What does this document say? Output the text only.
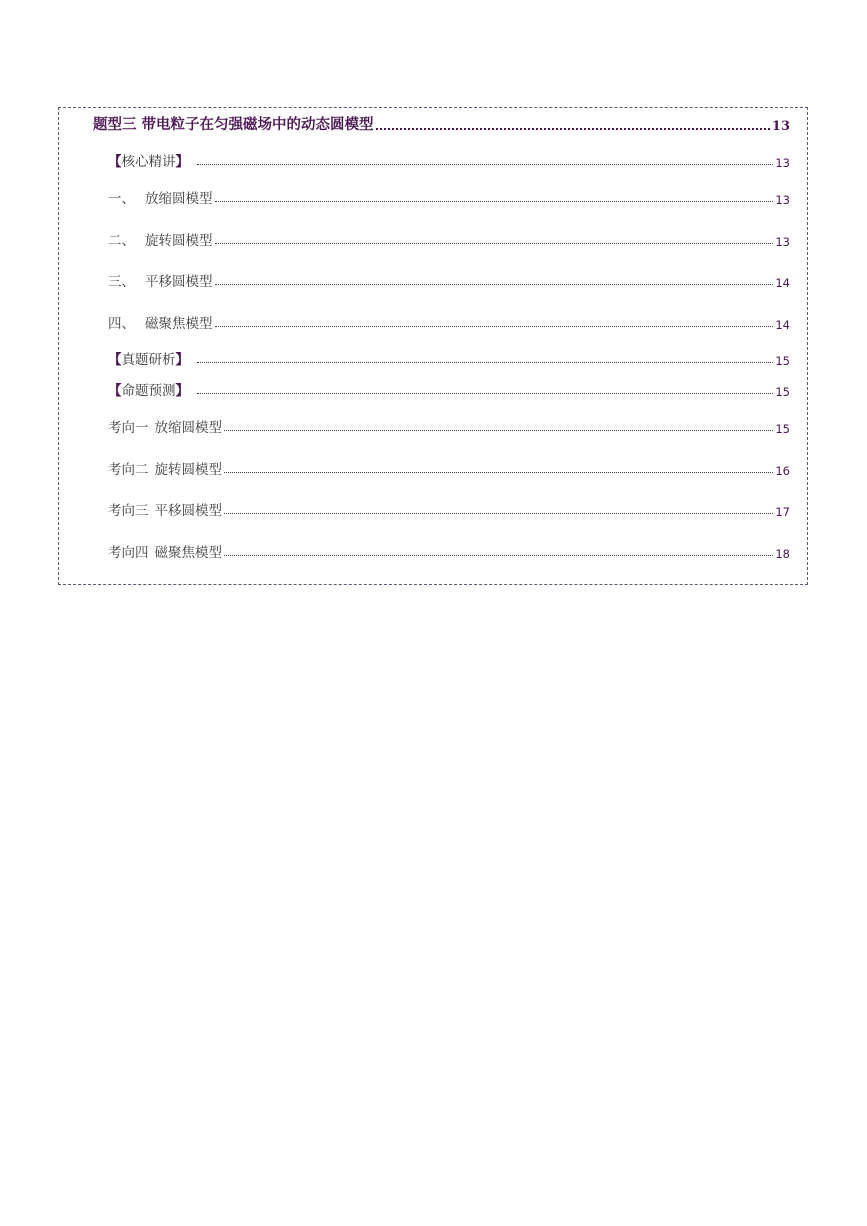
题型三 带电粒子在匀强磁场中的动态圆模型	13
【核心精讲】	13
一、 放缩圆模型	13
二、 旋转圆模型	13
三、 平移圆模型	14
四、 磁聚焦模型	14
【真题研析】	15
【命题预测】	15
考向一 放缩圆模型	15
考向二 旋转圆模型	16
考向三 平移圆模型	17
考向四 磁聚焦模型	18
